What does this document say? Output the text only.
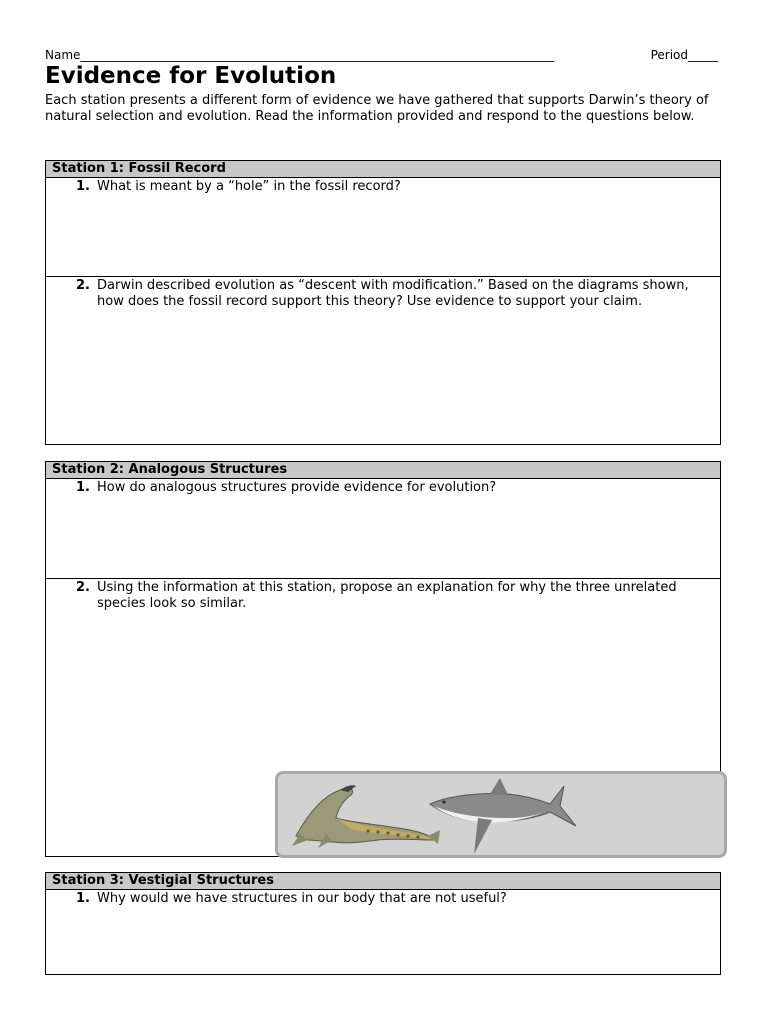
Name_______________________________________________________________________________	Period_____
Evidence for Evolution

Each station presents a different form of evidence we have gathered that supports Darwin’s theory of natural selection and evolution. Read the information provided and respond to the questions below.

Station 1: Fossil Record
1. What is meant by a “hole” in the fossil record?
2. Darwin described evolution as “descent with modification.” Based on the diagrams shown, how does the fossil record support this theory? Use evidence to support your claim.
Station 2: Analogous Structures
1. How do analogous structures provide evidence for evolution?
2. Using the information at this station, propose an explanation for why the three unrelated species look so similar.
Station 3: Vestigial Structures
1. Why would we have structures in our body that are not useful?
